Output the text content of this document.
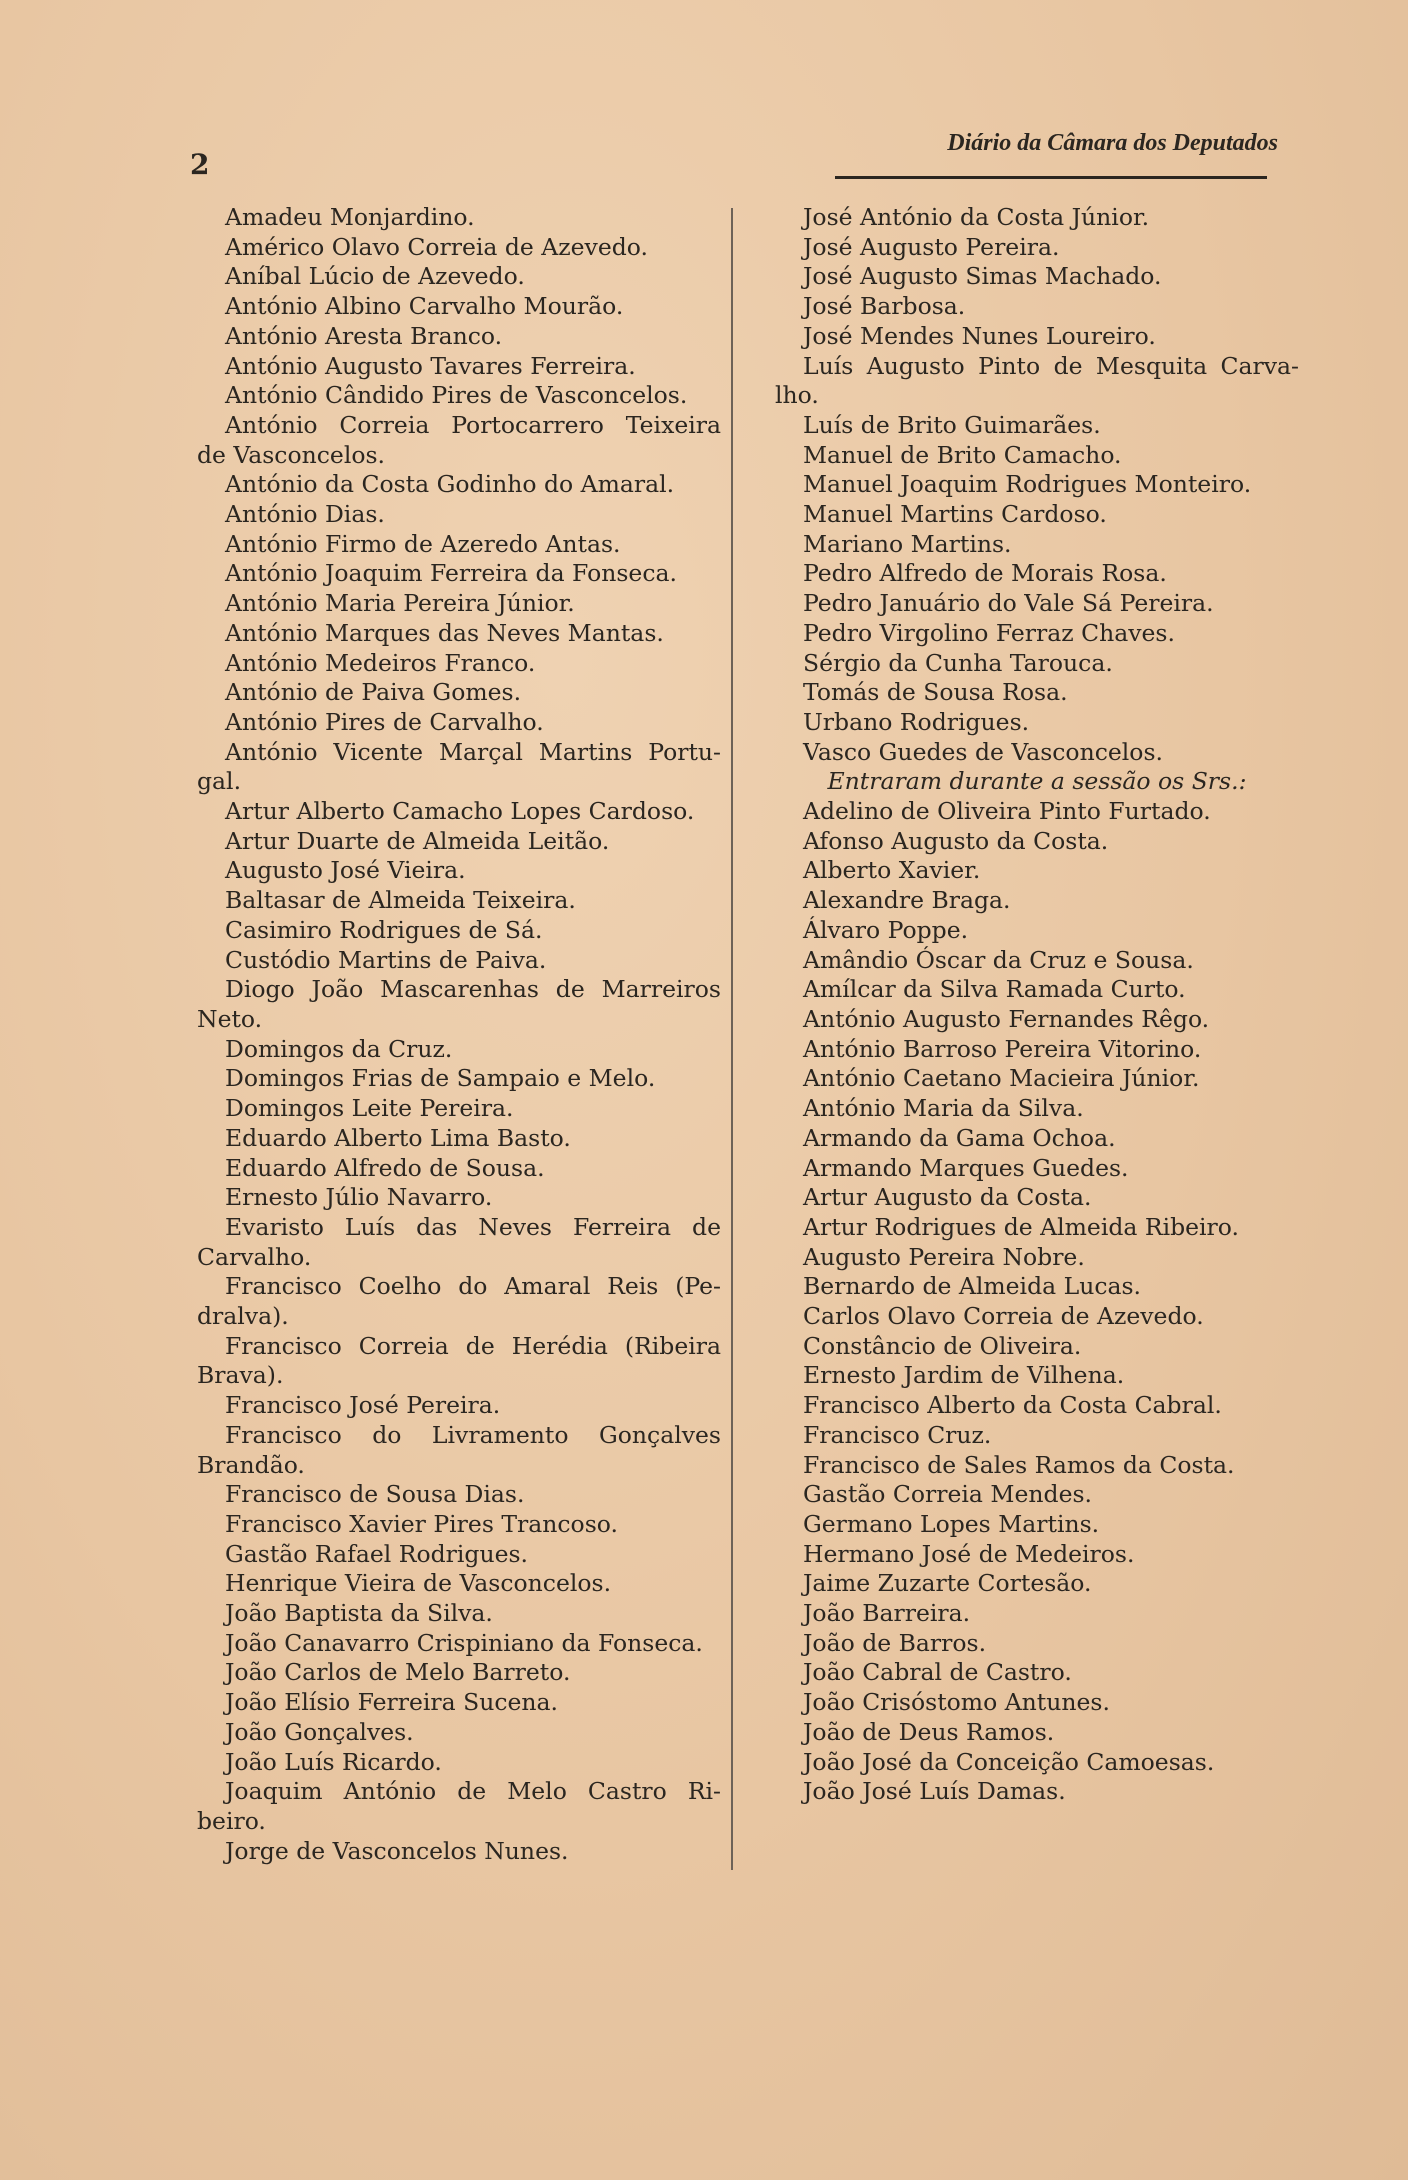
2

Diário da Câmara dos Deputados

Amadeu Monjardino.
Américo Olavo Correia de Azevedo.
Aníbal Lúcio de Azevedo.
António Albino Carvalho Mourão.
António Aresta Branco.
António Augusto Tavares Ferreira.
António Cândido Pires de Vasconcelos.
António Correia Portocarrero Teixeira
de Vasconcelos.
António da Costa Godinho do Amaral.
António Dias.
António Firmo de Azeredo Antas.
António Joaquim Ferreira da Fonseca.
António Maria Pereira Júnior.
António Marques das Neves Mantas.
António Medeiros Franco.
António de Paiva Gomes.
António Pires de Carvalho.
António Vicente Marçal Martins Portu-
gal.
Artur Alberto Camacho Lopes Cardoso.
Artur Duarte de Almeida Leitão.
Augusto José Vieira.
Baltasar de Almeida Teixeira.
Casimiro Rodrigues de Sá.
Custódio Martins de Paiva.
Diogo João Mascarenhas de Marreiros
Neto.
Domingos da Cruz.
Domingos Frias de Sampaio e Melo.
Domingos Leite Pereira.
Eduardo Alberto Lima Basto.
Eduardo Alfredo de Sousa.
Ernesto Júlio Navarro.
Evaristo Luís das Neves Ferreira de
Carvalho.
Francisco Coelho do Amaral Reis (Pe-
dralva).
Francisco Correia de Herédia (Ribeira
Brava).
Francisco José Pereira.
Francisco do Livramento Gonçalves
Brandão.
Francisco de Sousa Dias.
Francisco Xavier Pires Trancoso.
Gastão Rafael Rodrigues.
Henrique Vieira de Vasconcelos.
João Baptista da Silva.
João Canavarro Crispiniano da Fonseca.
João Carlos de Melo Barreto.
João Elísio Ferreira Sucena.
João Gonçalves.
João Luís Ricardo.
Joaquim António de Melo Castro Ri-
beiro.
Jorge de Vasconcelos Nunes.
José António da Costa Júnior.
José Augusto Pereira.
José Augusto Simas Machado.
José Barbosa.
José Mendes Nunes Loureiro.
Luís Augusto Pinto de Mesquita Carva-
lho.
Luís de Brito Guimarães.
Manuel de Brito Camacho.
Manuel Joaquim Rodrigues Monteiro.
Manuel Martins Cardoso.
Mariano Martins.
Pedro Alfredo de Morais Rosa.
Pedro Januário do Vale Sá Pereira.
Pedro Virgolino Ferraz Chaves.
Sérgio da Cunha Tarouca.
Tomás de Sousa Rosa.
Urbano Rodrigues.
Vasco Guedes de Vasconcelos.
Entraram durante a sessão os Srs.:
Adelino de Oliveira Pinto Furtado.
Afonso Augusto da Costa.
Alberto Xavier.
Alexandre Braga.
Álvaro Poppe.
Amândio Óscar da Cruz e Sousa.
Amílcar da Silva Ramada Curto.
António Augusto Fernandes Rêgo.
António Barroso Pereira Vitorino.
António Caetano Macieira Júnior.
António Maria da Silva.
Armando da Gama Ochoa.
Armando Marques Guedes.
Artur Augusto da Costa.
Artur Rodrigues de Almeida Ribeiro.
Augusto Pereira Nobre.
Bernardo de Almeida Lucas.
Carlos Olavo Correia de Azevedo.
Constâncio de Oliveira.
Ernesto Jardim de Vilhena.
Francisco Alberto da Costa Cabral.
Francisco Cruz.
Francisco de Sales Ramos da Costa.
Gastão Correia Mendes.
Germano Lopes Martins.
Hermano José de Medeiros.
Jaime Zuzarte Cortesão.
João Barreira.
João de Barros.
João Cabral de Castro.
João Crisóstomo Antunes.
João de Deus Ramos.
João José da Conceição Camoesas.
João José Luís Damas.
